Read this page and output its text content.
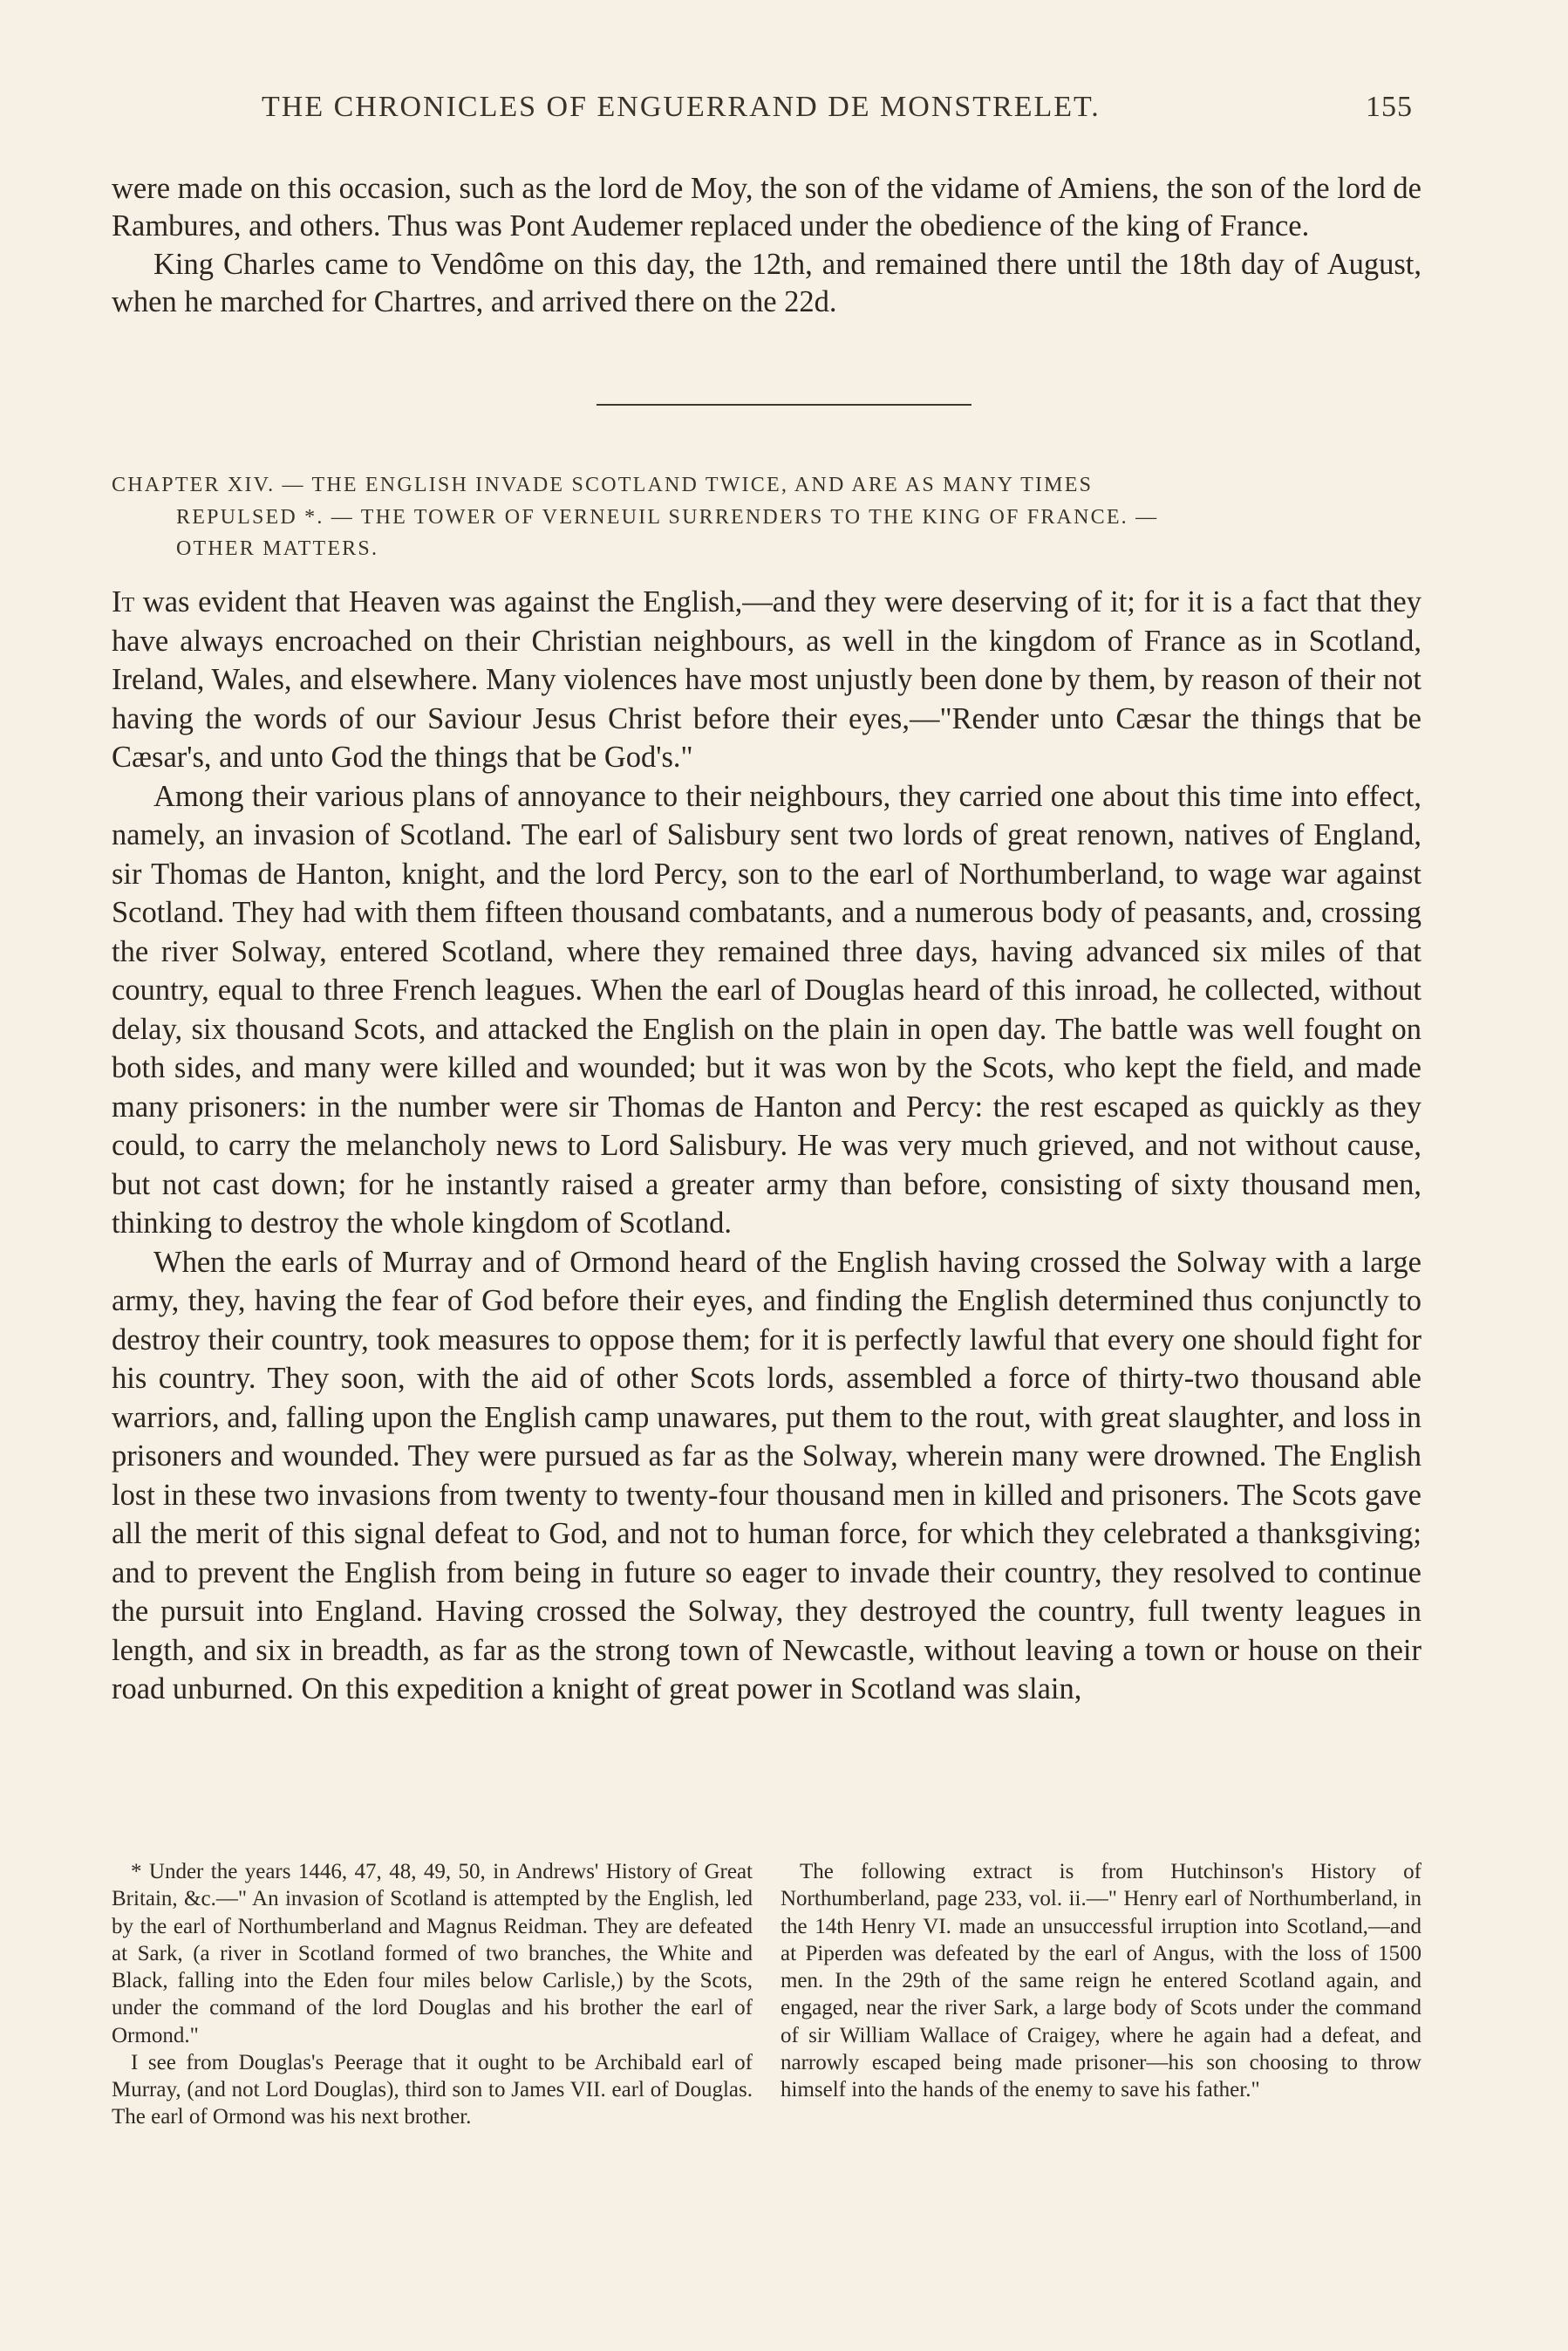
THE CHRONICLES OF ENGUERRAND DE MONSTRELET.	155

were made on this occasion, such as the lord de Moy, the son of the vidame of Amiens, the son of the lord de Rambures, and others. Thus was Pont Audemer replaced under the obedience of the king of France.

King Charles came to Vendôme on this day, the 12th, and remained there until the 18th day of August, when he marched for Chartres, and arrived there on the 22d.

CHAPTER XIV. — THE ENGLISH INVADE SCOTLAND TWICE, AND ARE AS MANY TIMES
REPULSED *. — THE TOWER OF VERNEUIL SURRENDERS TO THE KING OF FRANCE. —
OTHER MATTERS.

It was evident that Heaven was against the English,—and they were deserving of it; for it is a fact that they have always encroached on their Christian neighbours, as well in the kingdom of France as in Scotland, Ireland, Wales, and elsewhere. Many violences have most unjustly been done by them, by reason of their not having the words of our Saviour Jesus Christ before their eyes,—"Render unto Cæsar the things that be Cæsar's, and unto God the things that be God's."

Among their various plans of annoyance to their neighbours, they carried one about this time into effect, namely, an invasion of Scotland. The earl of Salisbury sent two lords of great renown, natives of England, sir Thomas de Hanton, knight, and the lord Percy, son to the earl of Northumberland, to wage war against Scotland. They had with them fifteen thousand combatants, and a numerous body of peasants, and, crossing the river Solway, entered Scotland, where they remained three days, having advanced six miles of that country, equal to three French leagues. When the earl of Douglas heard of this inroad, he collected, without delay, six thousand Scots, and attacked the English on the plain in open day. The battle was well fought on both sides, and many were killed and wounded; but it was won by the Scots, who kept the field, and made many prisoners: in the number were sir Thomas de Hanton and Percy: the rest escaped as quickly as they could, to carry the melancholy news to Lord Salisbury. He was very much grieved, and not without cause, but not cast down; for he instantly raised a greater army than before, consisting of sixty thousand men, thinking to destroy the whole kingdom of Scotland.

When the earls of Murray and of Ormond heard of the English having crossed the Solway with a large army, they, having the fear of God before their eyes, and finding the English determined thus conjunctly to destroy their country, took measures to oppose them; for it is perfectly lawful that every one should fight for his country. They soon, with the aid of other Scots lords, assembled a force of thirty-two thousand able warriors, and, falling upon the English camp unawares, put them to the rout, with great slaughter, and loss in prisoners and wounded. They were pursued as far as the Solway, wherein many were drowned. The English lost in these two invasions from twenty to twenty-four thousand men in killed and prisoners. The Scots gave all the merit of this signal defeat to God, and not to human force, for which they celebrated a thanksgiving; and to prevent the English from being in future so eager to invade their country, they resolved to continue the pursuit into England. Having crossed the Solway, they destroyed the country, full twenty leagues in length, and six in breadth, as far as the strong town of Newcastle, without leaving a town or house on their road unburned. On this expedition a knight of great power in Scotland was slain,

* Under the years 1446, 47, 48, 49, 50, in Andrews' History of Great Britain, &c.—" An invasion of Scotland is attempted by the English, led by the earl of Northumberland and Magnus Reidman. They are defeated at Sark, (a river in Scotland formed of two branches, the White and Black, falling into the Eden four miles below Carlisle,) by the Scots, under the command of the lord Douglas and his brother the earl of Ormond."

I see from Douglas's Peerage that it ought to be Archibald earl of Murray, (and not Lord Douglas), third son to James VII. earl of Douglas. The earl of Ormond was his next brother.

The following extract is from Hutchinson's History of Northumberland, page 233, vol. ii.—" Henry earl of Northumberland, in the 14th Henry VI. made an unsuccessful irruption into Scotland,—and at Piperden was defeated by the earl of Angus, with the loss of 1500 men. In the 29th of the same reign he entered Scotland again, and engaged, near the river Sark, a large body of Scots under the command of sir William Wallace of Craigey, where he again had a defeat, and narrowly escaped being made prisoner—his son choosing to throw himself into the hands of the enemy to save his father."
